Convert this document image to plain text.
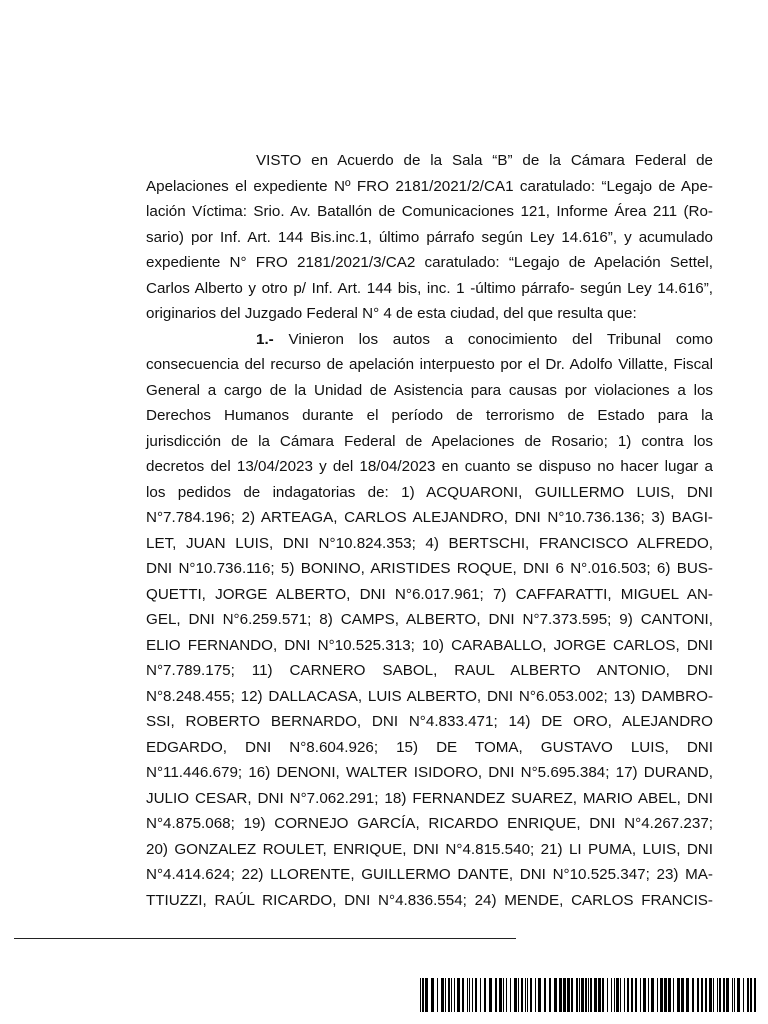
VISTO en Acuerdo de la Sala “B” de la Cámara Federal de
Apelaciones el expediente Nº FRO 2181/2021/2/CA1 caratulado: “Legajo de Ape-
lación Víctima: Srio. Av. Batallón de Comunicaciones 121, Informe Área 211 (Ro-
sario) por Inf. Art. 144 Bis.inc.1, último párrafo según Ley 14.616”, y acumulado
expediente N° FRO 2181/2021/3/CA2 caratulado: “Legajo de Apelación Settel,
Carlos Alberto y otro p/ Inf. Art. 144 bis, inc. 1 -último párrafo- según Ley 14.616”,
originarios del Juzgado Federal N° 4 de esta ciudad, del que resulta que:
1.- Vinieron los autos a conocimiento del Tribunal como
consecuencia del recurso de apelación interpuesto por el Dr. Adolfo Villatte, Fiscal
General a cargo de la Unidad de Asistencia para causas por violaciones a los
Derechos Humanos durante el período de terrorismo de Estado para la
jurisdicción de la Cámara Federal de Apelaciones de Rosario; 1) contra los
decretos del 13/04/2023 y del 18/04/2023 en cuanto se dispuso no hacer lugar a
los pedidos de indagatorias de: 1) ACQUARONI, GUILLERMO LUIS, DNI
N°7.784.196; 2) ARTEAGA, CARLOS ALEJANDRO, DNI N°10.736.136; 3) BAGI-
LET, JUAN LUIS, DNI N°10.824.353; 4) BERTSCHI, FRANCISCO ALFREDO,
DNI N°10.736.116; 5) BONINO, ARISTIDES ROQUE, DNI 6 N°.016.503; 6) BUS-
QUETTI, JORGE ALBERTO, DNI N°6.017.961; 7) CAFFARATTI, MIGUEL AN-
GEL, DNI N°6.259.571; 8) CAMPS, ALBERTO, DNI N°7.373.595; 9) CANTONI,
ELIO FERNANDO, DNI N°10.525.313; 10) CARABALLO, JORGE CARLOS, DNI
N°7.789.175; 11) CARNERO SABOL, RAUL ALBERTO ANTONIO, DNI
N°8.248.455; 12) DALLACASA, LUIS ALBERTO, DNI N°6.053.002; 13) DAMBRO-
SSI, ROBERTO BERNARDO, DNI N°4.833.471; 14) DE ORO, ALEJANDRO
EDGARDO, DNI N°8.604.926; 15) DE TOMA, GUSTAVO LUIS, DNI
N°11.446.679; 16) DENONI, WALTER ISIDORO, DNI N°5.695.384; 17) DURAND,
JULIO CESAR, DNI N°7.062.291; 18) FERNANDEZ SUAREZ, MARIO ABEL, DNI
N°4.875.068; 19) CORNEJO GARCÍA, RICARDO ENRIQUE, DNI N°4.267.237;
20) GONZALEZ ROULET, ENRIQUE, DNI N°4.815.540; 21) LI PUMA, LUIS, DNI
N°4.414.624; 22) LLORENTE, GUILLERMO DANTE, DNI N°10.525.347; 23) MA-
TTIUZZI, RAÚL RICARDO, DNI N°4.836.554; 24) MENDE, CARLOS FRANCIS-
